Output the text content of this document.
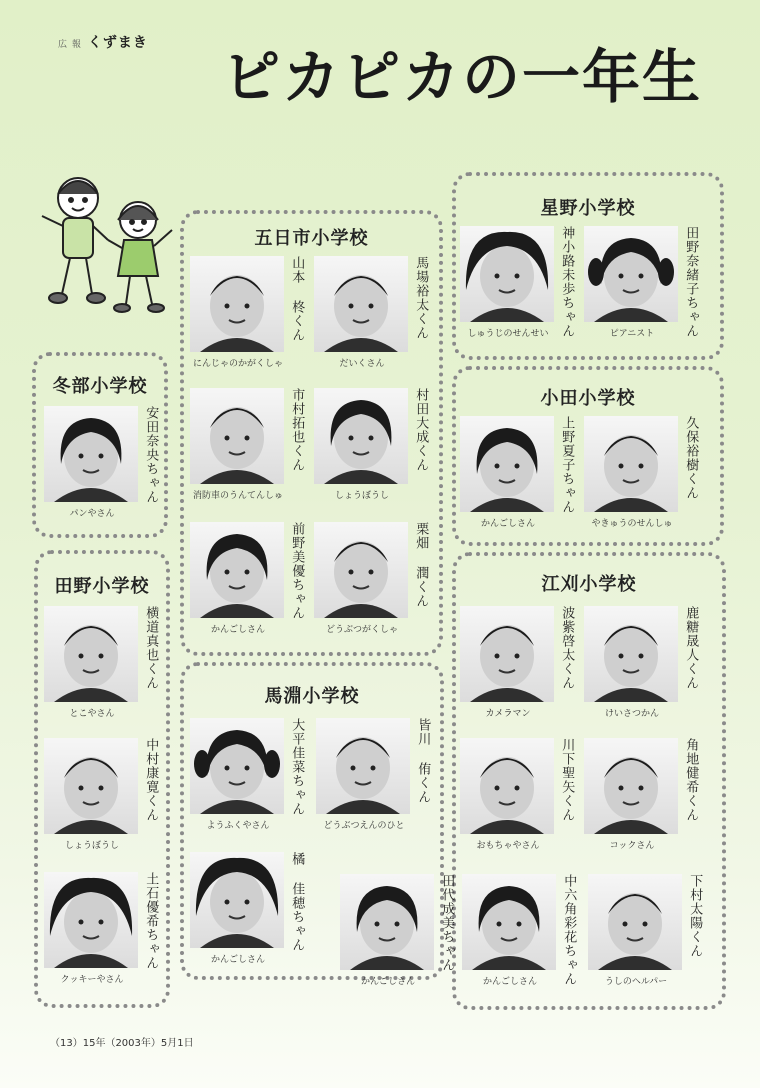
広 報 くずまき ピカピカの一年生
五日市小学校
星野小学校
冬部小学校
小田小学校
田野小学校	江刈小学校
馬淵小学校
山本 柊くん
にんじゃのかがくしゃ
馬場裕太くん
だいくさん
市村拓也くん
消防車のうんてんしゅ
村田大成くん
しょうぼうし
前野美優ちゃん
かんごしさん
栗畑 潤くん
どうぶつがくしゃ
神小路未歩ちゃん
しゅうじのせんせい	田野奈緒子ちゃん
ピアニスト
安田奈央ちゃん
パンやさん	上野夏子ちゃん
かんごしさん
久保裕樹くん
やきゅうのせんしゅ
横道真也くん
とこやさん
中村康寛くん
しょうぼうし
土石優希ちゃん
クッキーやさん
波紫啓太くん
カメラマン
鹿糖晟人くん
けいさつかん
川下聖矢くん
おもちゃやさん
角地健希くん
コックさん
田代成美ちゃん
かんごしさん	中六角彩花ちゃん
かんごしさん
下村太陽くん
うしのヘルパー
大平佳菜ちゃん
ようふくやさん
皆川 侑くん
どうぶつえんのひと
橘 佳穂ちゃん
かんごしさん
（13）15年（2003年）5月1日
